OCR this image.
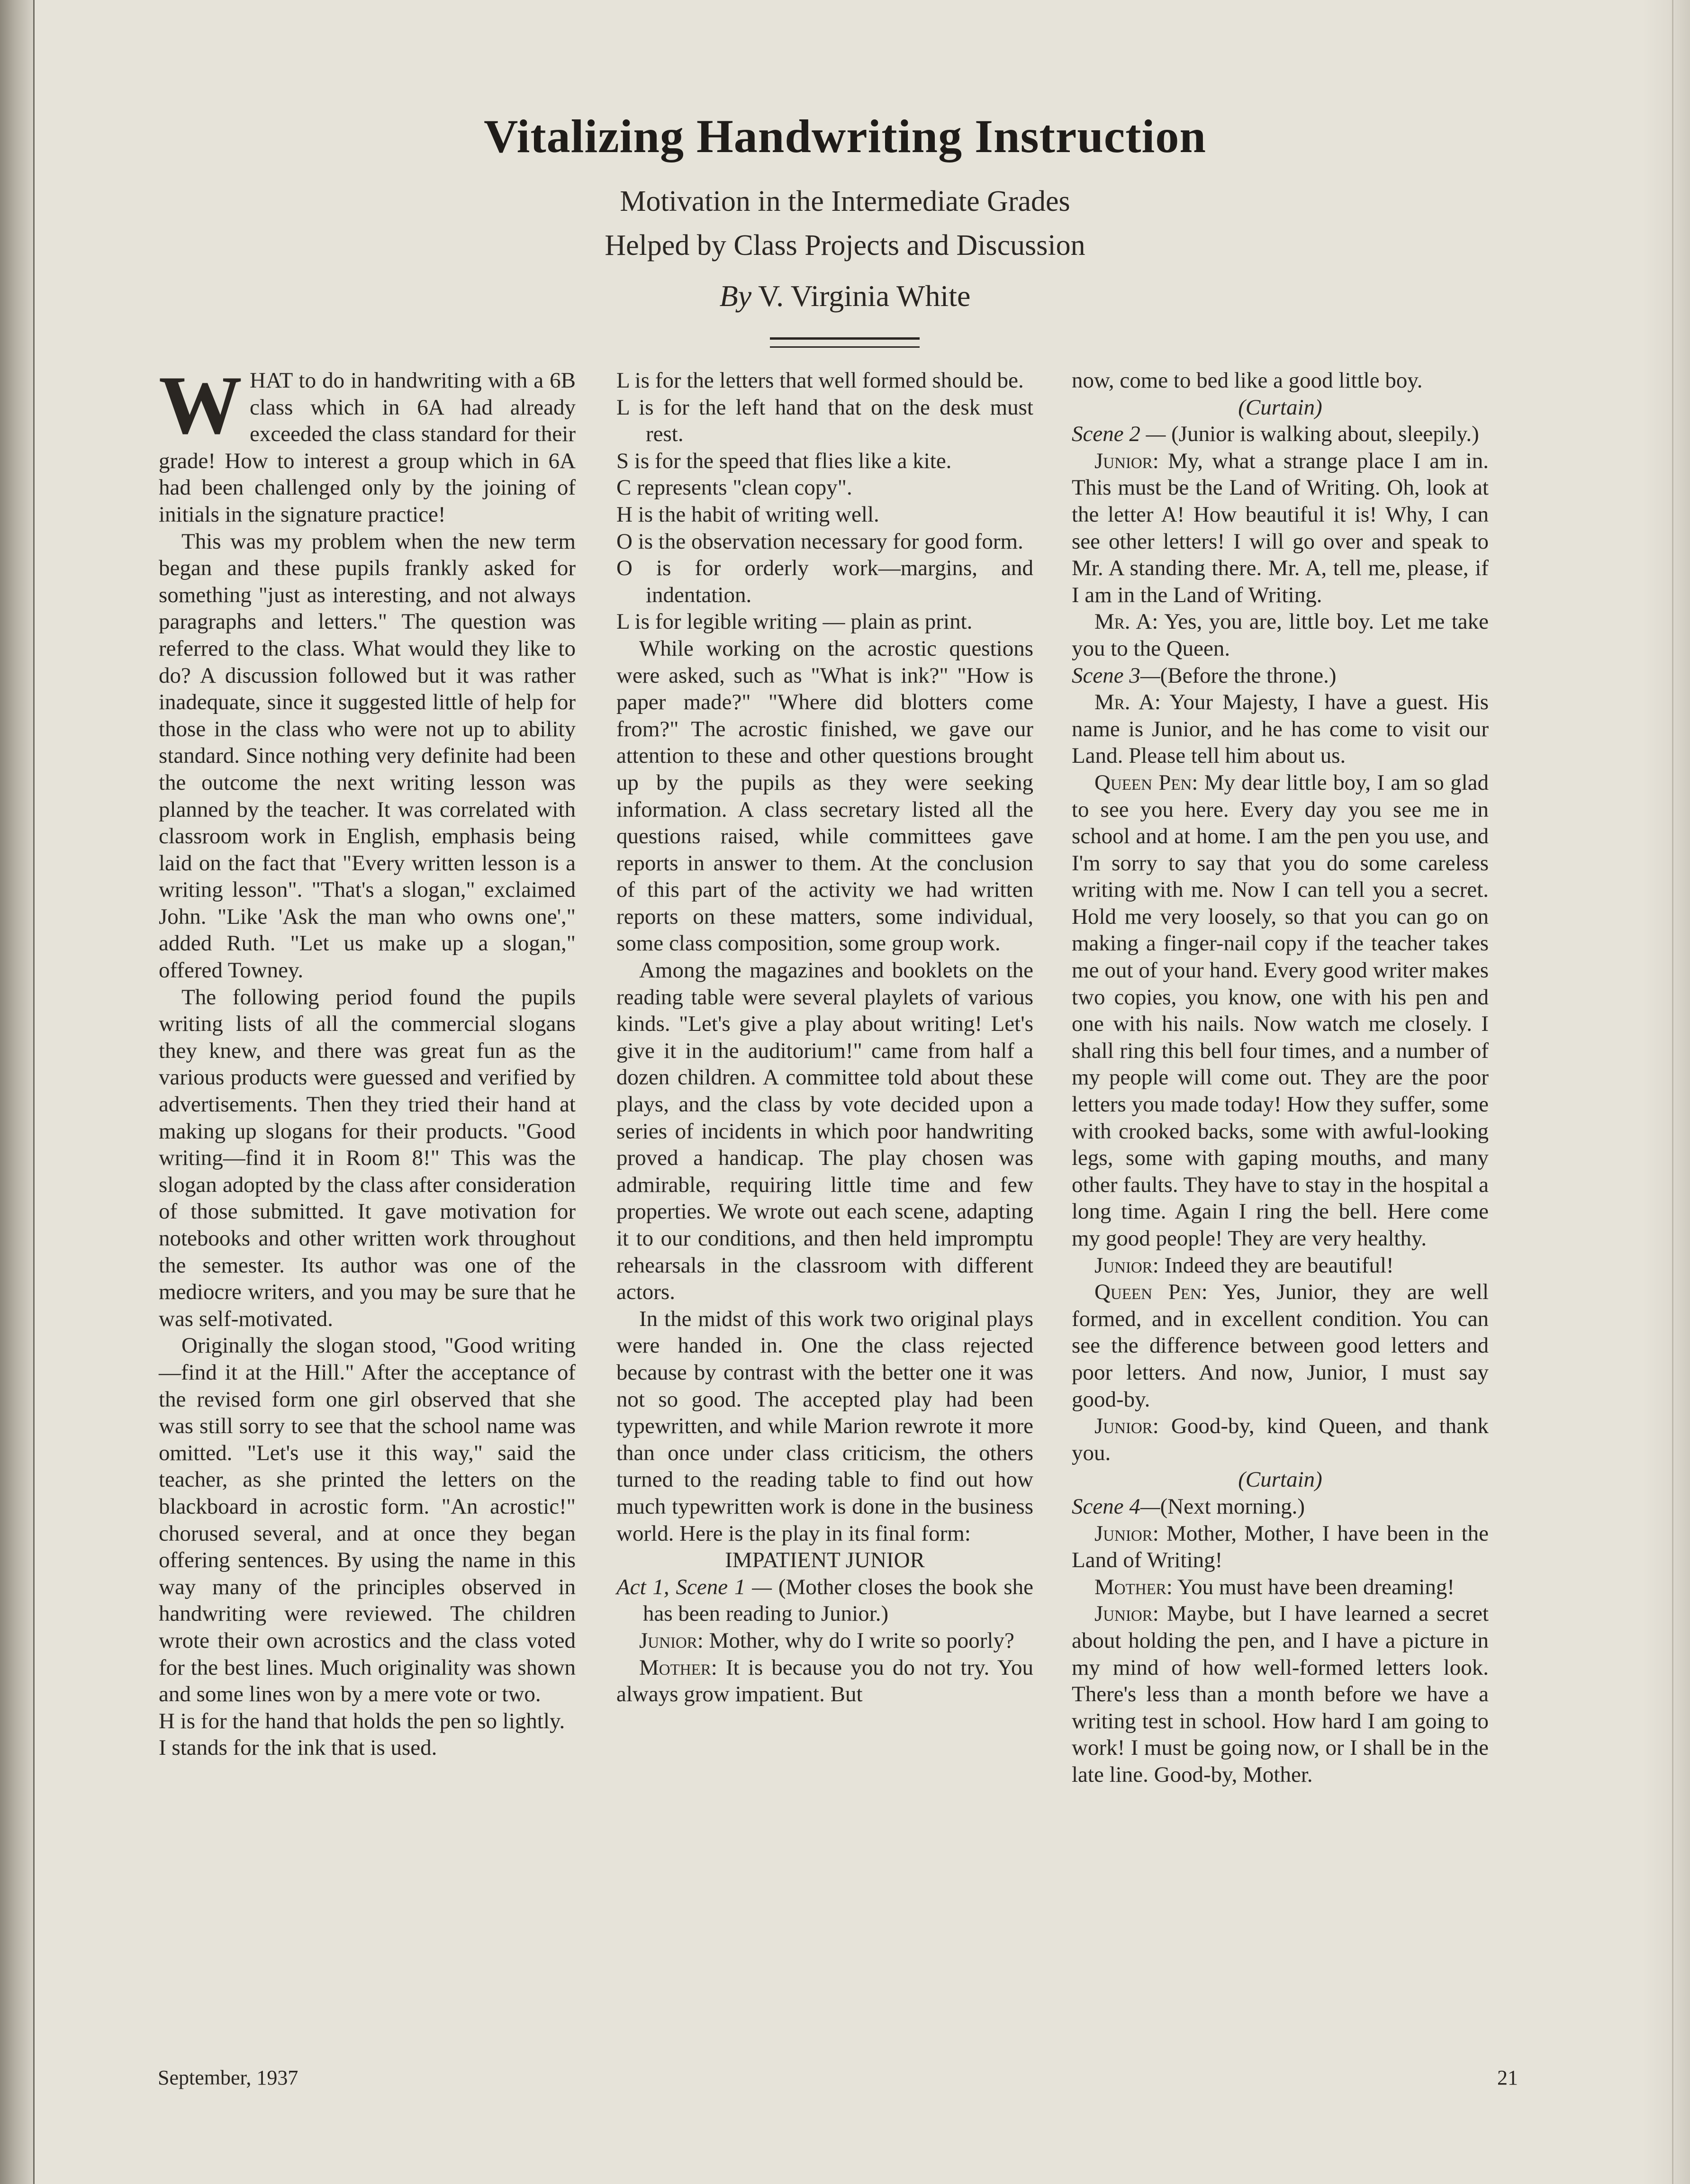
Vitalizing Handwriting Instruction
Motivation in the Intermediate Grades
Helped by Class Projects and Discussion
By V. Virginia White

WHAT to do in handwriting with a 6B class which in 6A had already exceeded the class standard for their grade! How to interest a group which in 6A had been challenged only by the joining of initials in the signature practice!

This was my problem when the new term began and these pupils frankly asked for something "just as interesting, and not always paragraphs and letters." The question was referred to the class. What would they like to do? A discussion followed but it was rather inadequate, since it suggested little of help for those in the class who were not up to ability standard. Since nothing very definite had been the outcome the next writing lesson was planned by the teacher. It was correlated with classroom work in English, emphasis being laid on the fact that "Every written lesson is a writing lesson". "That's a slogan," exclaimed John. "Like 'Ask the man who owns one'," added Ruth. "Let us make up a slogan," offered Towney.

The following period found the pupils writing lists of all the commercial slogans they knew, and there was great fun as the various products were guessed and verified by advertisements. Then they tried their hand at making up slogans for their products. "Good writing—find it in Room 8!" This was the slogan adopted by the class after consideration of those submitted. It gave motivation for notebooks and other written work throughout the semester. Its author was one of the mediocre writers, and you may be sure that he was self-motivated.

Originally the slogan stood, "Good writing—find it at the Hill." After the acceptance of the revised form one girl observed that she was still sorry to see that the school name was omitted. "Let's use it this way," said the teacher, as she printed the letters on the blackboard in acrostic form. "An acrostic!" chorused several, and at once they began offering sentences. By using the name in this way many of the principles observed in handwriting were reviewed. The children wrote their own acrostics and the class voted for the best lines. Much originality was shown and some lines won by a mere vote or two.

H is for the hand that holds the pen so lightly.

I stands for the ink that is used.

L is for the letters that well formed should be.

L is for the left hand that on the desk must rest.

S is for the speed that flies like a kite.

C represents "clean copy".

H is the habit of writing well.

O is the observation necessary for good form.

O is for orderly work—margins, and indentation.

L is for legible writing — plain as print.

While working on the acrostic questions were asked, such as "What is ink?" "How is paper made?" "Where did blotters come from?" The acrostic finished, we gave our attention to these and other questions brought up by the pupils as they were seeking information. A class secretary listed all the questions raised, while committees gave reports in answer to them. At the conclusion of this part of the activity we had written reports on these matters, some individual, some class composition, some group work.

Among the magazines and booklets on the reading table were several playlets of various kinds. "Let's give a play about writing! Let's give it in the auditorium!" came from half a dozen children. A committee told about these plays, and the class by vote decided upon a series of incidents in which poor handwriting proved a handicap. The play chosen was admirable, requiring little time and few properties. We wrote out each scene, adapting it to our conditions, and then held impromptu rehearsals in the classroom with different actors.

In the midst of this work two original plays were handed in. One the class rejected because by contrast with the better one it was not so good. The accepted play had been typewritten, and while Marion rewrote it more than once under class criticism, the others turned to the reading table to find out how much typewritten work is done in the business world. Here is the play in its final form:

IMPATIENT JUNIOR

Act 1, Scene 1 — (Mother closes the book she has been reading to Junior.)

Junior: Mother, why do I write so poorly?

Mother: It is because you do not try. You always grow impatient. But

now, come to bed like a good little boy.

(Curtain)

Scene 2 — (Junior is walking about, sleepily.)

Junior: My, what a strange place I am in. This must be the Land of Writing. Oh, look at the letter A! How beautiful it is! Why, I can see other letters! I will go over and speak to Mr. A standing there. Mr. A, tell me, please, if I am in the Land of Writing.

Mr. A: Yes, you are, little boy. Let me take you to the Queen.

Scene 3—(Before the throne.)

Mr. A: Your Majesty, I have a guest. His name is Junior, and he has come to visit our Land. Please tell him about us.

Queen Pen: My dear little boy, I am so glad to see you here. Every day you see me in school and at home. I am the pen you use, and I'm sorry to say that you do some careless writing with me. Now I can tell you a secret. Hold me very loosely, so that you can go on making a finger-nail copy if the teacher takes me out of your hand. Every good writer makes two copies, you know, one with his pen and one with his nails. Now watch me closely. I shall ring this bell four times, and a number of my people will come out. They are the poor letters you made today! How they suffer, some with crooked backs, some with awful-looking legs, some with gaping mouths, and many other faults. They have to stay in the hospital a long time. Again I ring the bell. Here come my good people! They are very healthy.

Junior: Indeed they are beautiful!

Queen Pen: Yes, Junior, they are well formed, and in excellent condition. You can see the difference between good letters and poor letters. And now, Junior, I must say good-by.

Junior: Good-by, kind Queen, and thank you.

(Curtain)

Scene 4—(Next morning.)

Junior: Mother, Mother, I have been in the Land of Writing!

Mother: You must have been dreaming!

Junior: Maybe, but I have learned a secret about holding the pen, and I have a picture in my mind of how well-formed letters look. There's less than a month before we have a writing test in school. How hard I am going to work! I must be going now, or I shall be in the late line. Good-by, Mother.

September, 1937	21
